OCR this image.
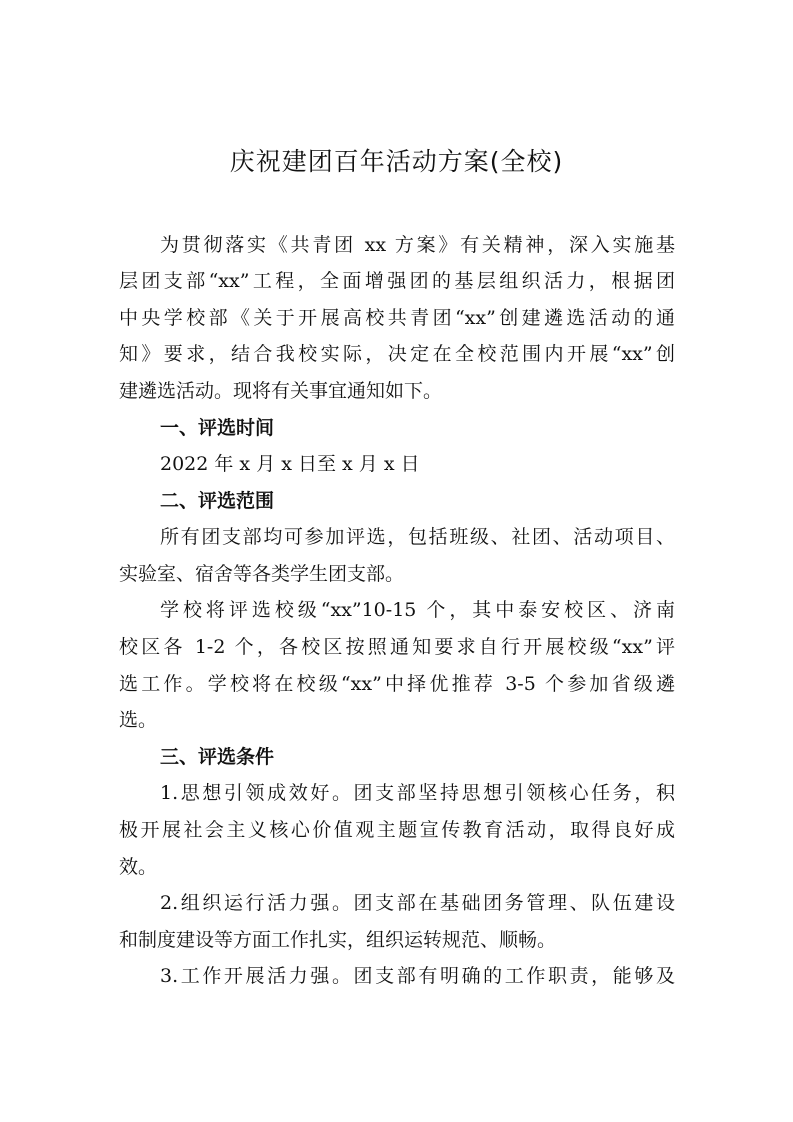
庆祝建团百年活动方案(全校)
为贯彻落实《共青团 xx 方案》有关精神，深入实施基
层团支部“xx”工程，全面增强团的基层组织活力，根据团
中央学校部《关于开展高校共青团“xx”创建遴选活动的通
知》要求，结合我校实际，决定在全校范围内开展“xx”创
建遴选活动。现将有关事宜通知如下。
一、评选时间
2022 年 x 月 x 日至 x 月 x 日
二、评选范围
所有团支部均可参加评选，包括班级、社团、活动项目、
实验室、宿舍等各类学生团支部。
学校将评选校级“xx”10-15 个，其中泰安校区、济南
校区各 1-2 个，各校区按照通知要求自行开展校级“xx”评
选工作。学校将在校级“xx”中择优推荐 3-5 个参加省级遴
选。
三、评选条件
1.思想引领成效好。团支部坚持思想引领核心任务，积
极开展社会主义核心价值观主题宣传教育活动，取得良好成
效。
2.组织运行活力强。团支部在基础团务管理、队伍建设
和制度建设等方面工作扎实，组织运转规范、顺畅。
3.工作开展活力强。团支部有明确的工作职责，能够及
